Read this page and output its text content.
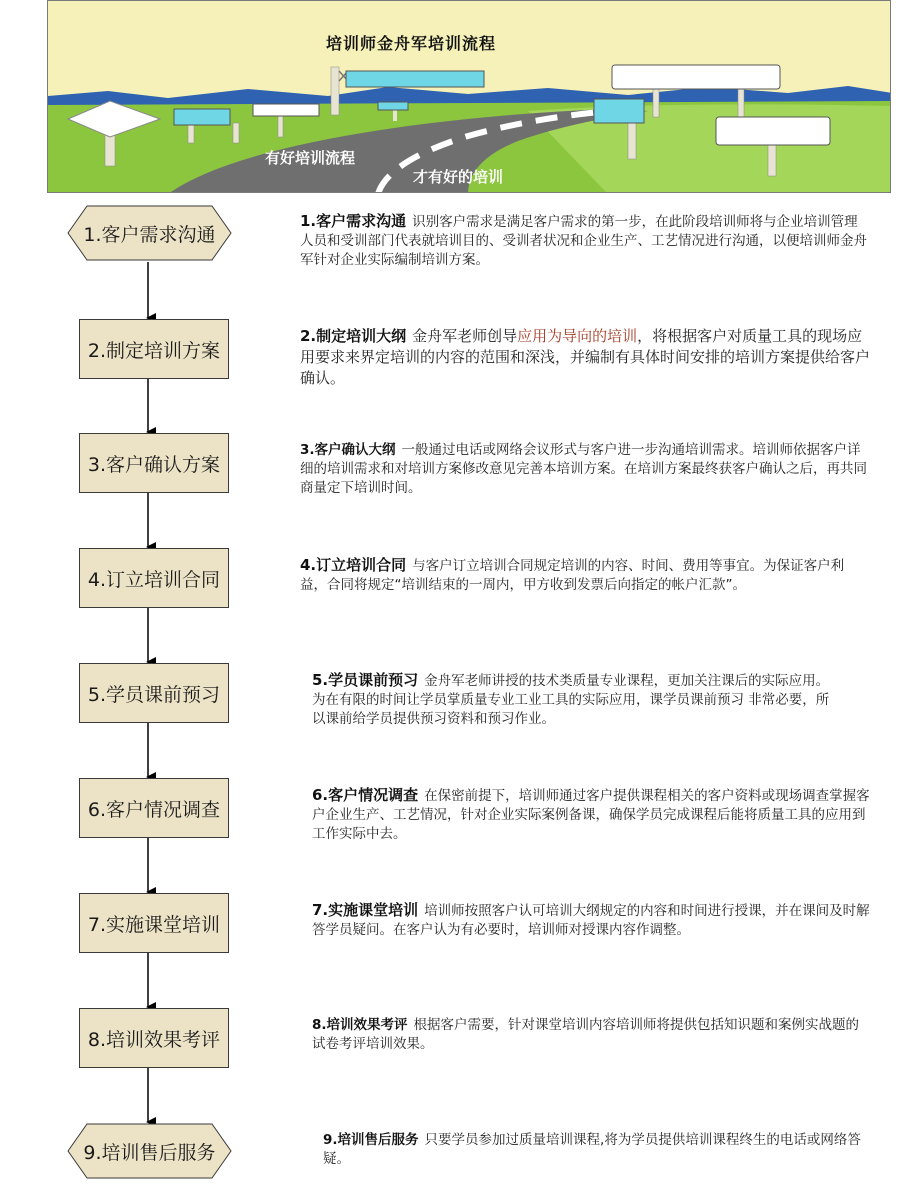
培训师金舟军培训流程
有好培训流程
才有好的培训
1.客户需求沟通
2.制定培训方案
3.客户确认方案
4.订立培训合同
5.学员课前预习
6.客户情况调查
7.实施课堂培训
8.培训效果考评
9.培训售后服务
1.客户需求沟通 识别客户需求是满足客户需求的第一步，在此阶段培训师将与企业培训管理人员和受训部门代表就培训目的、受训者状况和企业生产、工艺情况进行沟通，以便培训师金舟军针对企业实际编制培训方案。
2.制定培训大纲 金舟军老师创导应用为导向的培训，将根据客户对质量工具的现场应用要求来界定培训的内容的范围和深浅，并编制有具体时间安排的培训方案提供给客户确认。
3.客户确认大纲 一般通过电话或网络会议形式与客户进一步沟通培训需求。培训师依据客户详细的培训需求和对培训方案修改意见完善本培训方案。在培训方案最终获客户确认之后，再共同商量定下培训时间。
4.订立培训合同 与客户订立培训合同规定培训的内容、时间、费用等事宜。为保证客户利益，合同将规定“培训结束的一周内，甲方收到发票后向指定的帐户汇款”。
5.学员课前预习 金舟军老师讲授的技术类质量专业课程，更加关注课后的实际应用。为在有限的时间让学员掌质量专业工业工具的实际应用，课学员课前预习 非常必要，所以课前给学员提供预习资料和预习作业。
6.客户情况调查 在保密前提下，培训师通过客户提供课程相关的客户资料或现场调查掌握客户企业生产、工艺情况，针对企业实际案例备课，确保学员完成课程后能将质量工具的应用到工作实际中去。
7.实施课堂培训 培训师按照客户认可培训大纲规定的内容和时间进行授课，并在课间及时解答学员疑问。在客户认为有必要时，培训师对授课内容作调整。
8.培训效果考评 根据客户需要，针对课堂培训内容培训师将提供包括知识题和案例实战题的试卷考评培训效果。
9.培训售后服务 只要学员参加过质量培训课程,将为学员提供培训课程终生的电话或网络答疑。
